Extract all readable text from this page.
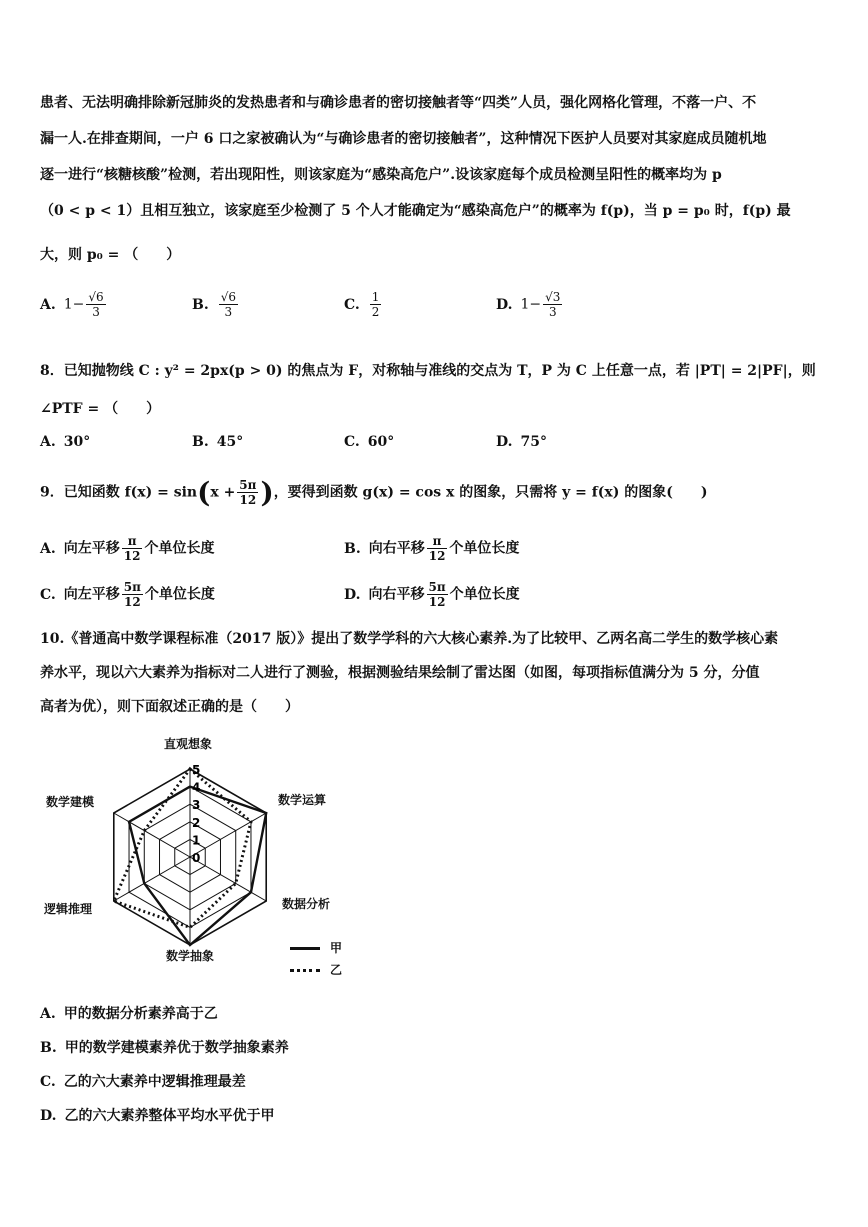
患者、无法明确排除新冠肺炎的发热患者和与确诊患者的密切接触者等“四类”人员，强化网格化管理，不落一户、不
漏一人.在排查期间，一户 6 口之家被确认为“与确诊患者的密切接触者”，这种情况下医护人员要对其家庭成员随机地
逐一进行“核糖核酸”检测，若出现阳性，则该家庭为“感染高危户”.设该家庭每个成员检测呈阳性的概率均为 p
（0 < p < 1）且相互独立，该家庭至少检测了 5 个人才能确定为“感染高危户”的概率为 f(p)，当 p = p₀ 时，f(p) 最
大，则 p₀ = （　　）
A. $1- \frac{√6}{3}$	B. $\frac{√6}{3}$	C. $\frac{1}{2}$	D. $1- \frac{√3}{3}$
8．已知抛物线 C : y² = 2px(p > 0) 的焦点为 F，对称轴与准线的交点为 T，P 为 C 上任意一点，若 |PT| = 2|PF|，则
∠PTF = （　　）
A. 30°	B. 45°	C. 60°	D. 75°
9．已知函数 $f(x) = \sin(x + \frac{5\pi}{12}$ )，要得到函数 g(x) = cos x 的图象，只需将 y = f(x) 的图象(　　)
A. 向左平移 $\frac{\pi}{12}$ 个单位长度	B. 向右平移 $\frac{\pi}{12}$ 个单位长度
C. 向左平移 $\frac{5\pi}{12}$ 个单位长度	D. 向右平移 $\frac{5\pi}{12}$ 个单位长度
10.《普通高中数学课程标准（2017 版）》提出了数学学科的六大核心素养.为了比较甲、乙两名高二学生的数学核心素
养水平，现以六大素养为指标对二人进行了测验，根据测验结果绘制了雷达图（如图，每项指标值满分为 5 分，分值
高者为优），则下面叙述正确的是（　　）
0
1
2
3
4
5
直观想象
数学运算
数据分析
数学抽象
逻辑推理
数学建模
甲
乙
A. 甲的数据分析素养高于乙
B. 甲的数学建模素养优于数学抽象素养
C. 乙的六大素养中逻辑推理最差
D. 乙的六大素养整体平均水平优于甲
